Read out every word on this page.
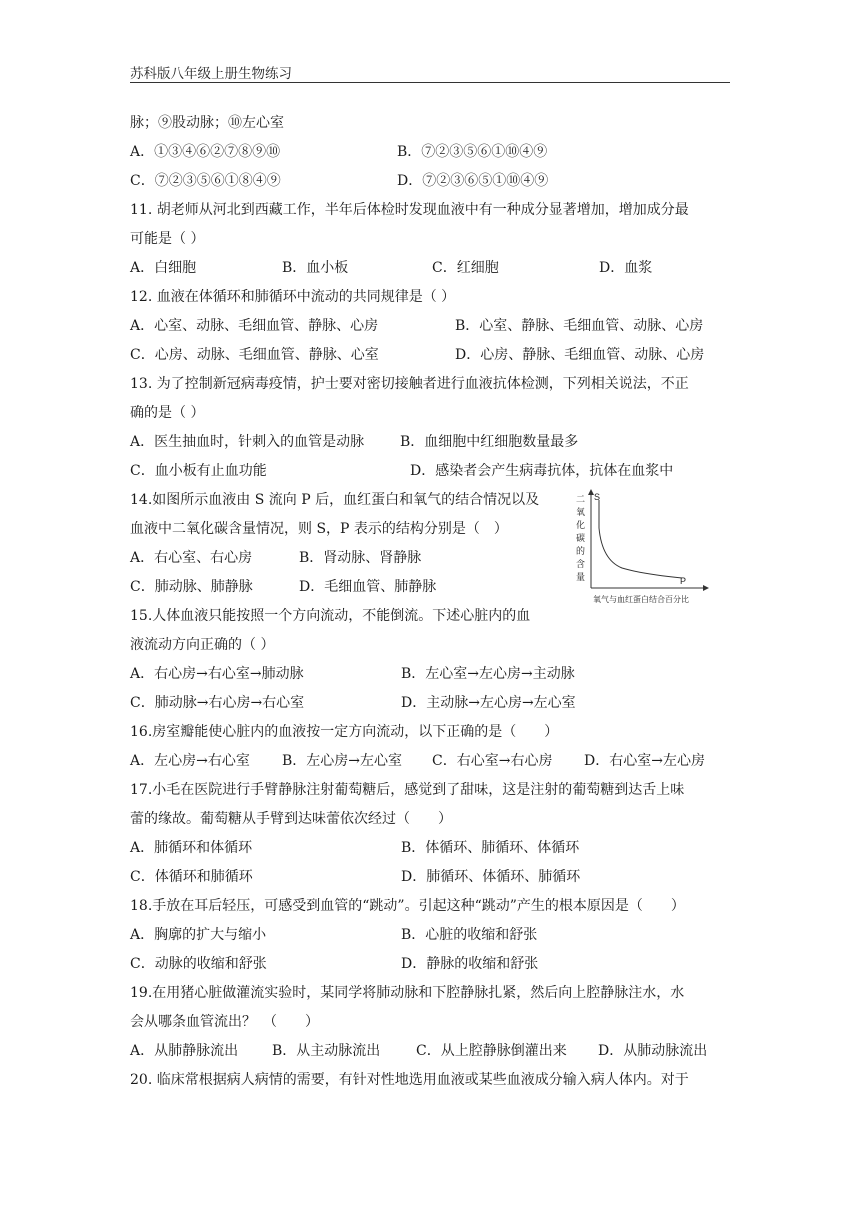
苏科版八年级上册生物练习
脉；⑨股动脉；⑩左心室
A．①③④⑥②⑦⑧⑨⑩	B．⑦②③⑤⑥①⑩④⑨
C．⑦②③⑤⑥①⑧④⑨	D．⑦②③⑥⑤①⑩④⑨
11. 胡老师从河北到西藏工作，半年后体检时发现血液中有一种成分显著增加，增加成分最
可能是（ ）
A．白细胞	B．血小板	C．红细胞	D．血浆
12. 血液在体循环和肺循环中流动的共同规律是（ ）
A．心室、动脉、毛细血管、静脉、心房	B．心室、静脉、毛细血管、动脉、心房
C．心房、动脉、毛细血管、静脉、心室	D．心房、静脉、毛细血管、动脉、心房
13. 为了控制新冠病毒疫情，护士要对密切接触者进行血液抗体检测，下列相关说法，不正
确的是（ ）
A．医生抽血时，针刺入的血管是动脉	B．血细胞中红细胞数量最多
C．血小板有止血功能	D．感染者会产生病毒抗体，抗体在血浆中
14.如图所示血液由 S 流向 P 后，血红蛋白和氧气的结合情况以及
血液中二氧化碳含量情况，则 S，P 表示的结构分别是（　）
A．右心室、右心房	B．肾动脉、肾静脉
C．肺动脉、肺静脉	D．毛细血管、肺静脉
二
氧
化
碳
的
含
量
S
P
氧气与血红蛋白结合百分比
15.人体血液只能按照一个方向流动，不能倒流。下述心脏内的血
液流动方向正确的（ ）
A．右心房→右心室→肺动脉	B．左心室→左心房→主动脉
C．肺动脉→右心房→右心室	D．主动脉→左心房→左心室
16.房室瓣能使心脏内的血液按一定方向流动，以下正确的是（　　）
A．左心房→右心室 B．左心房→左心室 C．右心室→右心房 D．右心室→左心房
17.小毛在医院进行手臂静脉注射葡萄糖后，感觉到了甜味，这是注射的葡萄糖到达舌上味
蕾的缘故。葡萄糖从手臂到达味蕾依次经过（　　）
A．肺循环和体循环	B．体循环、肺循环、体循环
C．体循环和肺循环	D．肺循环、体循环、肺循环
18.手放在耳后轻压，可感受到血管的“跳动”。引起这种“跳动”产生的根本原因是（　　）
A．胸廓的扩大与缩小	B．心脏的收缩和舒张
C．动脉的收缩和舒张	D．静脉的收缩和舒张
19.在用猪心脏做灌流实验时，某同学将肺动脉和下腔静脉扎紧，然后向上腔静脉注水，水
会从哪条血管流出？　（　　）
A．从肺静脉流出 B．从主动脉流出	C．从上腔静脉倒灌出来 D．从肺动脉流出
20. 临床常根据病人病情的需要，有针对性地选用血液或某些血液成分输入病人体内。对于
